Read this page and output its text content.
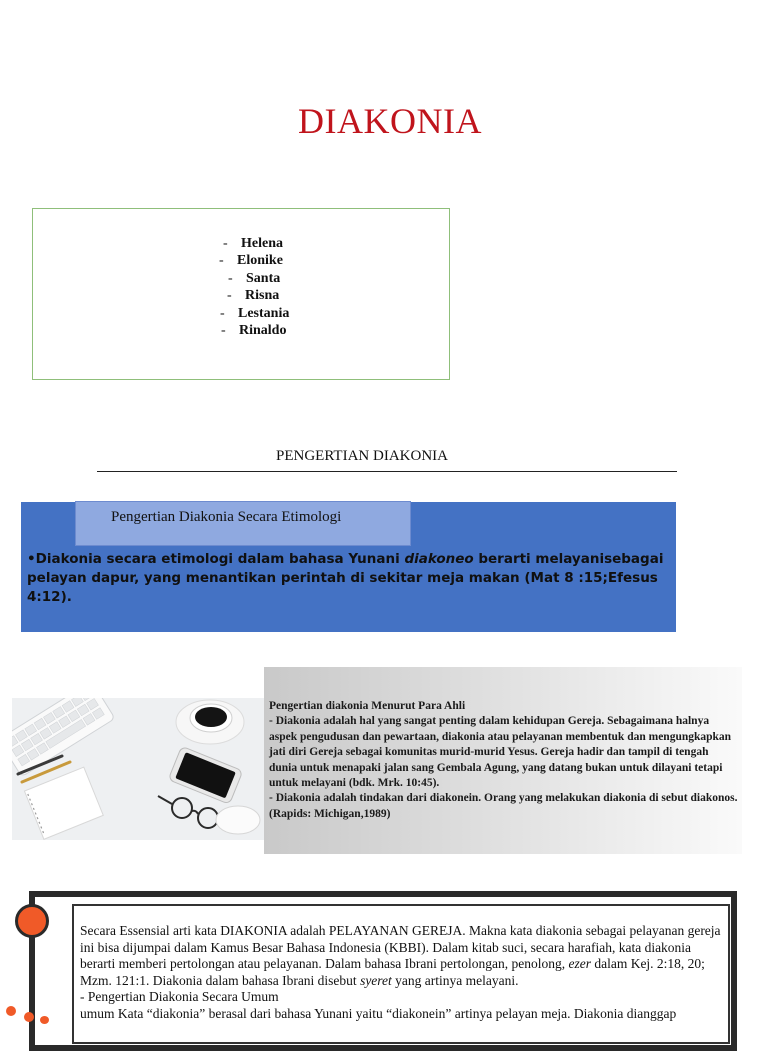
DIAKONIA
- Helena
- Elonike
- Santa
- Risna
- Lestania
- Rinaldo
PENGERTIAN DIAKONIA
Pengertian Diakonia Secara Etimologi
•Diakonia secara etimologi dalam bahasa Yunani diakoneo berarti melayanisebagai pelayan dapur, yang menantikan perintah di sekitar meja makan (Mat 8 :15;Efesus 4:12).
Pengertian diakonia Menurut Para Ahli
- Diakonia adalah hal yang sangat penting dalam kehidupan Gereja. Sebagaimana halnya aspek pengudusan dan pewartaan, diakonia atau pelayanan membentuk dan mengungkapkan jati diri Gereja sebagai komunitas murid-murid Yesus. Gereja hadir dan tampil di tengah dunia untuk menapaki jalan sang Gembala Agung, yang datang bukan untuk dilayani tetapi untuk melayani (bdk. Mrk. 10:45).
- Diakonia adalah tindakan dari diakonein. Orang yang melakukan diakonia di sebut diakonos. (Rapids: Michigan,1989)
Secara Essensial arti kata DIAKONIA adalah PELAYANAN GEREJA. Makna kata diakonia sebagai pelayanan gereja ini bisa dijumpai dalam Kamus Besar Bahasa Indonesia (KBBI). Dalam kitab suci, secara harafiah, kata diakonia berarti memberi pertolongan atau pelayanan. Dalam bahasa Ibrani pertolongan, penolong, ezer dalam Kej. 2:18, 20; Mzm. 121:1. Diakonia dalam bahasa Ibrani disebut syeret yang artinya melayani.
- Pengertian Diakonia Secara Umum
umum Kata “diakonia” berasal dari bahasa Yunani yaitu “diakonein” artinya pelayan meja. Diakonia dianggap
